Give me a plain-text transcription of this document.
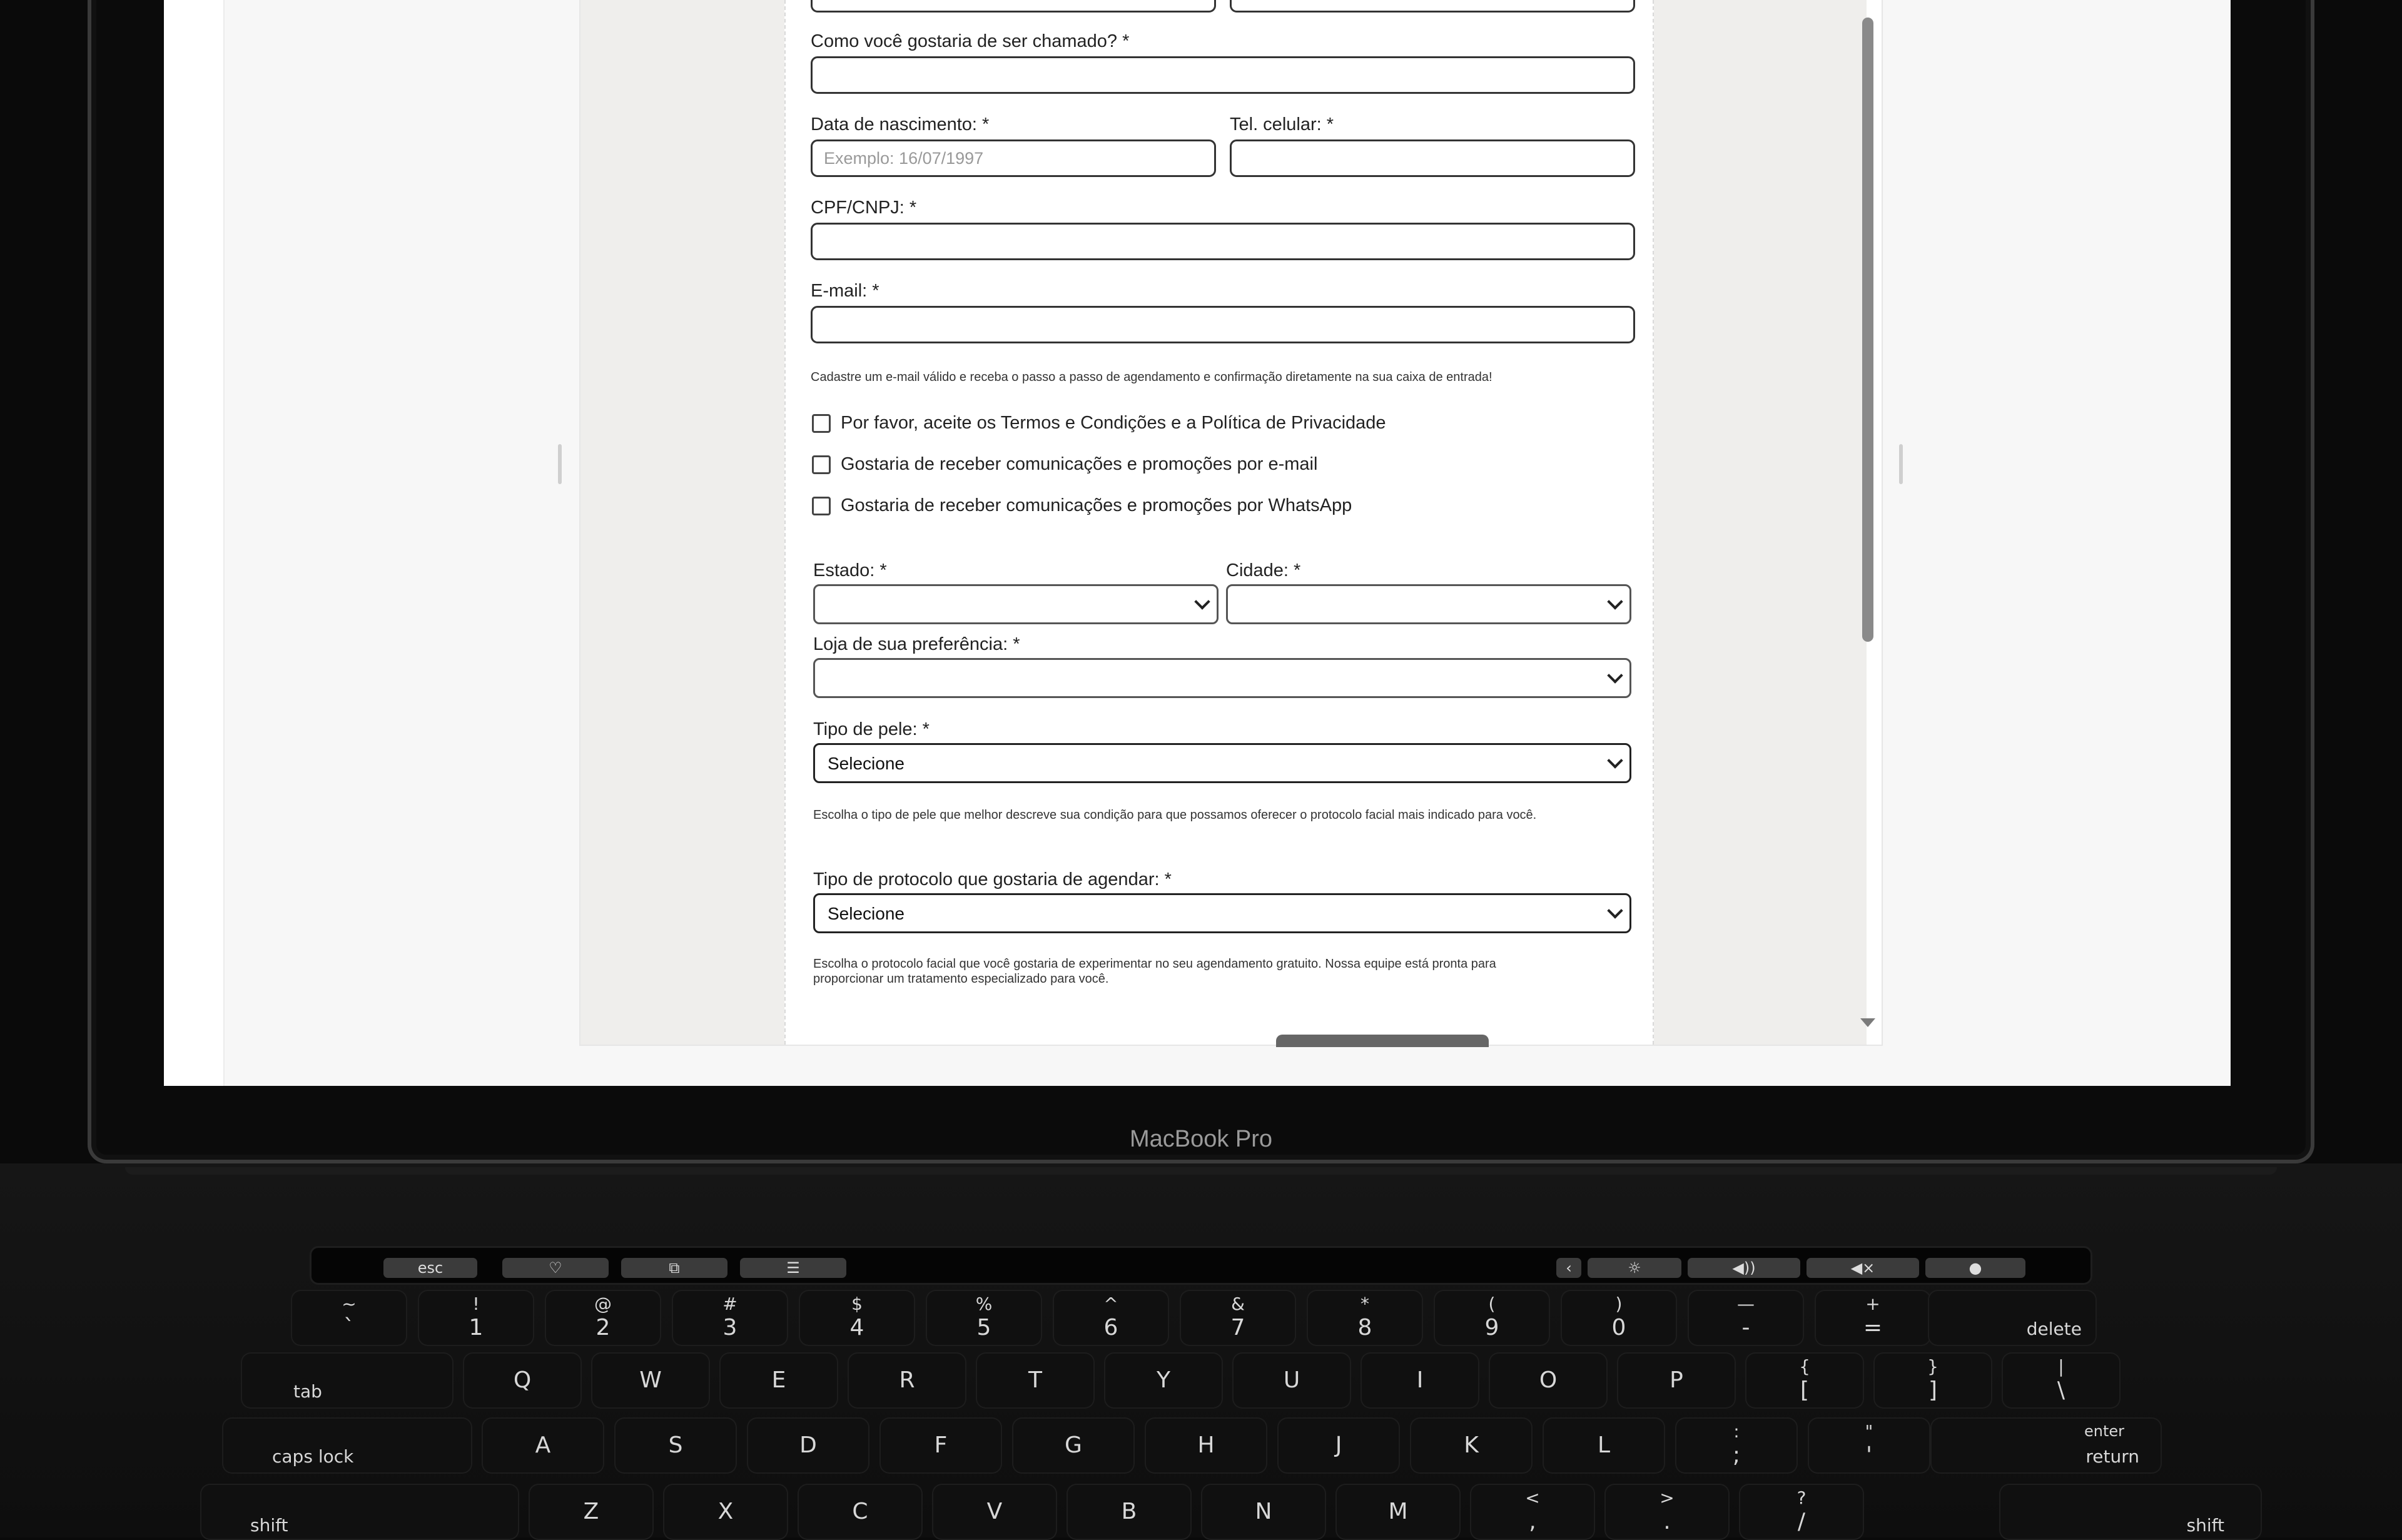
Como você gostaria de ser chamado? *
Data de nascimento: *
Exemplo: 16/07/1997
Tel. celular: *
CPF/CNPJ: *
E-mail: *
Cadastre um e-mail válido e receba o passo a passo de agendamento e confirmação diretamente na sua caixa de entrada!
Por favor, aceite os Termos e Condições e a Política de Privacidade
Gostaria de receber comunicações e promoções por e-mail
Gostaria de receber comunicações e promoções por WhatsApp
Estado: *	Cidade: *
Loja de sua preferência: *
Tipo de pele: *
Selecione
Escolha o tipo de pele que melhor descreve sua condição para que possamos oferecer o protocolo facial mais indicado para você.
Tipo de protocolo que gostaria de agendar: *
Selecione
Escolha o protocolo facial que você gostaria de experimentar no seu agendamento gratuito. Nossa equipe está pronta para
proporcionar um tratamento especializado para você.
MacBook Pro
esc	♡	⧉	☰	‹	☼	◀))	◀×	●
~
`
!
1
@
2
#
3
$
4
%
5
^
6
&
7
*
8
(
9
)
0
—
-
+
=	delete
tab	Q	W	E	R	T	Y	U	I	O	P
{
[
}
]
|
\
caps lock	A	S	D	F	G	H	J	K	L
:
;
"
'
enter
return
shift
Z	X	C	V	B	N	M
<
,
>
.
?
/	shift
